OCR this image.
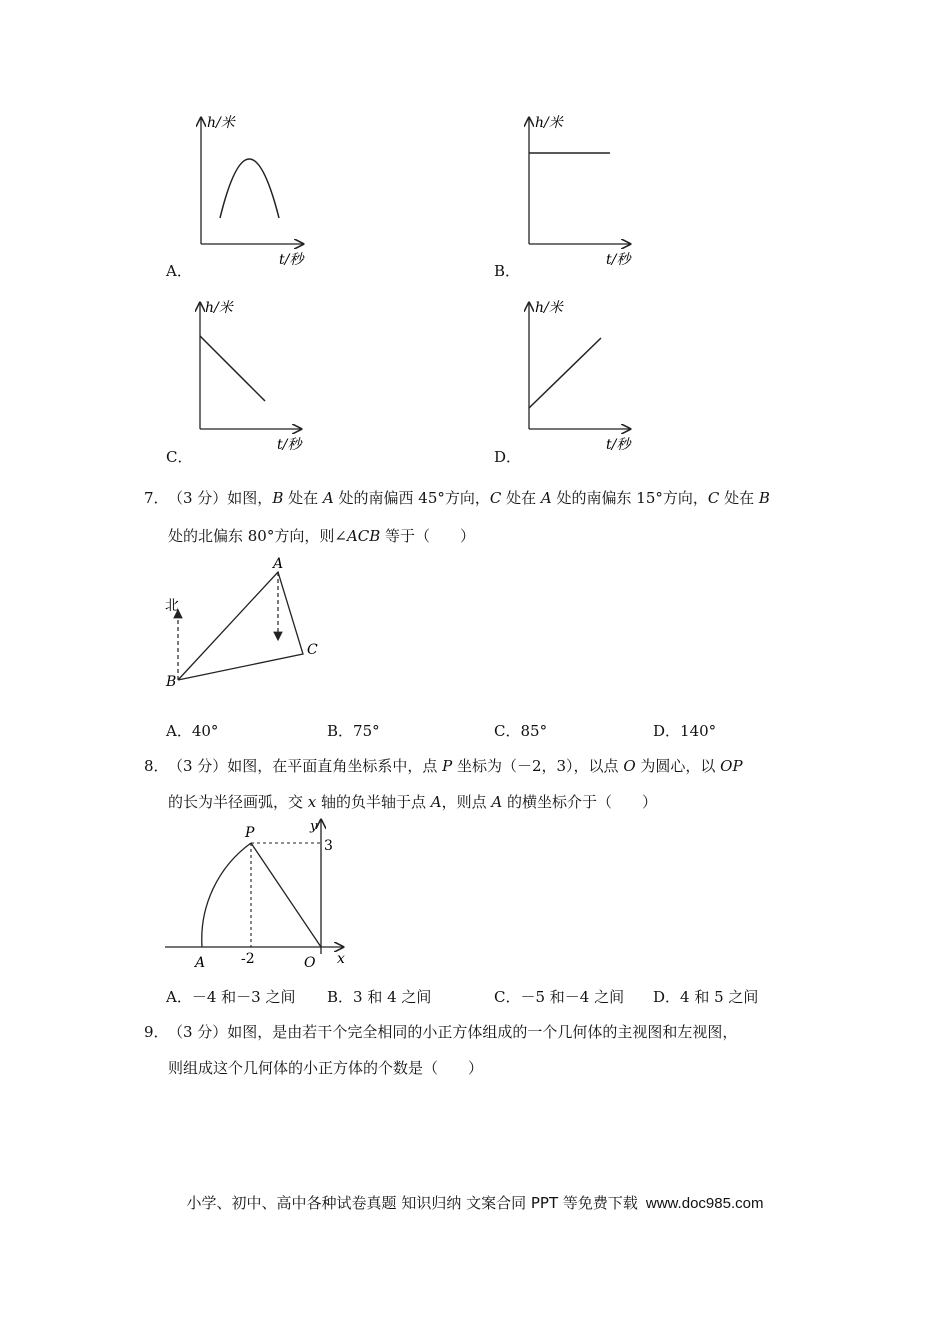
h/米
t/秒
A．
h/米
t/秒
B．
h/米
t/秒
C．
h/米
t/秒
D．
7． （3 分）如图，B 处在 A 处的南偏西 45°方向，C 处在 A 处的南偏东 15°方向，C 处在 B
处的北偏东 80°方向，则∠ACB 等于（　　）
北
A
B
C
A．40°	B．75°	C．85°	D．140°
8． （3 分）如图，在平面直角坐标系中，点 P 坐标为（－2，3），以点 O 为圆心，以 OP
的长为半径画弧，交 x 轴的负半轴于点 A，则点 A 的横坐标介于（　　）
P	y
3
A	-2	O x
A．－4 和－3 之间 B．3 和 4 之间	C．－5 和－4 之间 D．4 和 5 之间
9． （3 分）如图，是由若干个完全相同的小正方体组成的一个几何体的主视图和左视图，
则组成这个几何体的小正方体的个数是（　　）
小学、初中、高中各种试卷真题 知识归纳 文案合同 PPT 等免费下载 www.doc985.com
